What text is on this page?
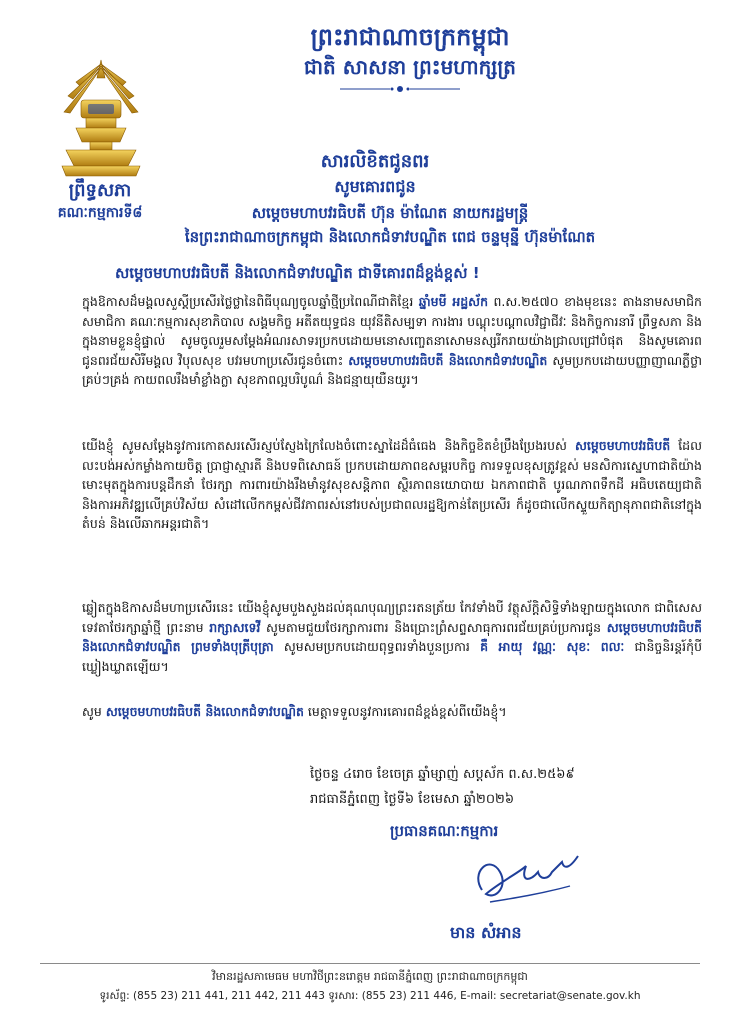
ព្រះរាជាណាចក្រកម្ពុជា
ជាតិ សាសនា ព្រះមហាក្សត្រ
ព្រឹទ្ធសភា
គណៈកម្មការទី៨
សារលិខិតជូនពរ
សូមគោរពជូន
សម្តេចមហាបវរធិបតី ហ៊ុន ម៉ាណែត នាយករដ្ឋមន្ត្រី
នៃព្រះរាជាណាចក្រកម្ពុជា និងលោកជំទាវបណ្ឌិត ពេជ ចន្ទមុន្នី ហ៊ុនម៉ាណែត
សម្តេចមហាបវរធិបតី និងលោកជំទាវបណ្ឌិត ជាទីគោរពដ៏ខ្ពង់ខ្ពស់ !
ក្នុងឱកាសដ៏មង្គលសួស្តីប្រសើរថ្លៃថ្លានៃពិធីបុណ្យចូលឆ្នាំថ្មីប្រពៃណីជាតិខ្មែរ ឆ្នាំមមី អដ្ឋស័ក ព.ស.២៥៧០ ខាងមុខនេះ តាងនាមសមាជិក សមាជិកា គណៈកម្មការសុខាភិបាល សង្គមកិច្ច អតីតយុទ្ធជន យុវនីតិសម្បទា ការងារ បណ្តុះបណ្តាលវិជ្ជាជីវៈ និងកិច្ចការនារី ព្រឹទ្ធសភា និងក្នុងនាមខ្លួនខ្ញុំផ្ទាល់ សូមចូលរួមសម្តែងអំណរសាទរប្រកបដោយមនោសញ្ចេតនាសោមនស្សរីករាយយ៉ាងជ្រាលជ្រៅបំផុត និងសូមគោរពជូនពរជ័យសិរីមង្គល វិបុលសុខ បវរមហាប្រសើរជូនចំពោះ សម្តេចមហាបវរធិបតី និងលោកជំទាវបណ្ឌិត សូមប្រកបដោយបញ្ញាញាណភ្លឺថ្លាគ្រប់ៗគ្រង់ កាយពលរឹងមាំខ្លាំងក្លា សុខភាពល្អបរិបូណ៌ និងជន្មាយុយឺនយូរ។
យើងខ្ញុំ សូមសម្តែងនូវការកោតសរសើរស្ញប់ស្ញែងក្រៃលែងចំពោះស្នាដៃដ៏ធំធេង និងកិច្ចខិតខំប្រឹងប្រែងរបស់ សម្តេចមហាបវរធិបតី ដែលលះបង់អស់កម្លាំងកាយចិត្ត ប្រាជ្ញាស្មារតី និងបទពិសោធន៍ ប្រកបដោយភាពឧសម្ពរបកិច្ច ការទទួលខុសត្រូវខ្ពស់ មនសិការស្នេហាជាតិយ៉ាងមោះមុតក្នុងការបន្តដឹកនាំ ថែរក្សា ការពារយ៉ាងរឹងមាំនូវសុខសន្តិភាព ស្ថិរភាពនយោបាយ ឯកភាពជាតិ បូរណភាពទឹកដី អធិបតេយ្យជាតិ និងការអភិវឌ្ឍលើគ្រប់វិស័យ សំដៅលើកកម្ពស់ជីវភាពរស់នៅរបស់ប្រជាពលរដ្ឋឱ្យកាន់តែប្រសើរ ក៏ដូចជាលើកស្ទួយកិត្យានុភាពជាតិនៅក្នុងតំបន់ និងលើឆាកអន្តរជាតិ។
ឆ្លៀតក្នុងឱកាសដ៏មហាប្រសើរនេះ យើងខ្ញុំសូមបួងសួងដល់គុណបុណ្យព្រះរតនត្រ័យ កែវទាំងបី វត្ថុស័ក្តិសិទ្ធិទាំងឡាយក្នុងលោក ជាពិសេសទេវតាថែរក្សាឆ្នាំថ្មី ព្រះនាម រាក្សាសទេវី សូមតាមជួយថែរក្សាការពារ និងប្រោះព្រំសព្ទសាធុការពរជ័យគ្រប់ប្រការជូន សម្តេចមហាបវរធិបតី និងលោកជំទាវបណ្ឌិត ព្រមទាំងបុត្រីបុត្រា សូមសមប្រកបដោយពុទ្ធពរទាំងបួនប្រការ គឺ អាយុ វណ្ណៈ សុខៈ ពលៈ ជានិច្ចនិរន្តរ៍កុំបីឃ្លៀងឃ្លាតឡើយ។
សូម សម្តេចមហាបវរធិបតី និងលោកជំទាវបណ្ឌិត មេត្តាទទួលនូវការគោរពដ៏ខ្ពង់ខ្ពស់ពីយើងខ្ញុំ។
ថ្ងៃចន្ទ ៤រោច ខែចេត្រ ឆ្នាំម្សាញ់ សប្តស័ក ព.ស.២៥៦៩
រាជធានីភ្នំពេញ ថ្ងៃទី៦ ខែមេសា ឆ្នាំ២០២៦
ប្រធានគណៈកម្មការ
មាន សំអាន
វិមានរដ្ឋសភាមេធម មហាវិថីព្រះនរោត្តម រាជធានីភ្នំពេញ ព្រះរាជាណាចក្រកម្ពុជា
ទូរស័ព្ទ: (855 23) 211 441, 211 442, 211 443 ទូរសារ: (855 23) 211 446, E-mail: secretariat@senate.gov.kh
